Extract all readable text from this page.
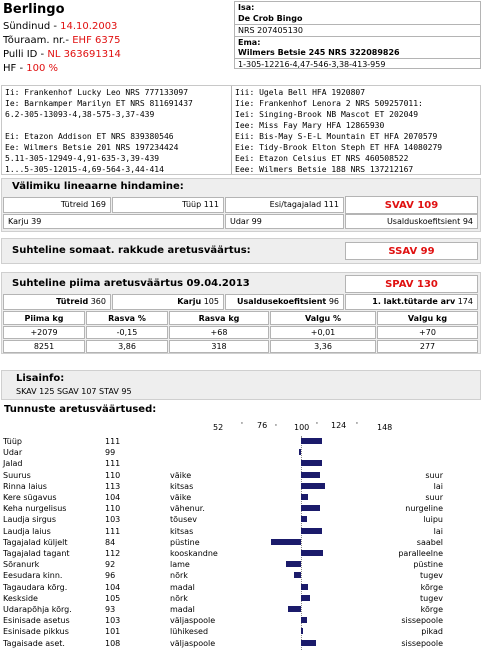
Berlingo
Sündinud - 14.10.2003
Tõuraam. nr.- EHF 6375
Pulli ID - NL 363691314
HF - 100 %
Isa:
De Crob Bingo
NRS 207405130
Ema:
Wilmers Betsie 245 NRS 322089826
1-305-12216-4,47-546-3,38-413-959
Ii: Frankenhof Lucky Leo NRS 777133097
Ie: Barnkamper Marilyn ET NRS 811691437
6.2-305-13093-4,38-575-3,37-439
Ei: Etazon Addison ET NRS 839380546
Ee: Wilmers Betsie 201 NRS 197234424
5.11-305-12949-4,91-635-3,39-439
1...5-305-12015-4,69-564-3,44-414
Iii: Ugela Bell HFA 1920807
Iie: Frankenhof Lenora 2 NRS 509257011:
Iei: Singing-Brook NB Mascot ET 202049
Iee: Miss Fay Mary HFA 12865930
Eii: Bis-May S-E-L Mountain ET HFA 2070579
Eie: Tidy-Brook Elton Steph ET HFA 14080279
Eei: Etazon Celsius ET NRS 460508522
Eee: Wilmers Betsie 188 NRS 137212167
Välimiku lineaarne hindamine:
Tütreid 169	Tüüp 111	Esi/tagajalad 111	SVAV 109
Karju 39	Udar 99	Usalduskoefitsient 94
Suhteline somaat. rakkude aretusväärtus:	SSAV 99
Suhteline piima aretusväärtus 09.04.2013	SPAV 130
Tütreid 360	Karju 105	Usaldusekoefitsient 96	1. lakt.tütarde arv 174
Piima kg	Rasva %	Rasva kg	Valgu %	Valgu kg
+2079	-0,15	+68	+0,01	+70
8251	3,86	318	3,36	277
Lisainfo:
SKAV 125 SGAV 107 STAV 95
Tunnuste aretusväärtused:
52	' 76 ' 100 ' 124 ' 148
Tüüp	111
Udar	99
Jalad	111
Suurus	110	väike	suur
Rinna laius	113	kitsas	lai
Kere sügavus	104	väike	suur
Keha nurgelisus	110	vähenur.	nurgeline
Laudja sirgus	103	tõusev	luipu
Laudja laius	111	kitsas	lai
Tagajalad küljelt	84	püstine	saabel
Tagajalad tagant	112	kooskandne	paralleelne
Sõranurk	92	lame	püstine
Eesudara kinn.	96	nõrk	tugev
Tagaudara kõrg.	104	madal	kõrge
Keskside	105	nõrk	tugev
Udarapõhja kõrg.	93	madal	kõrge
Esinisade asetus	103	väljaspoole	sissepoole
Esinisade pikkus	101	lühikesed	pikad
Tagaisade aset.	108	väljaspoole	sissepoole
